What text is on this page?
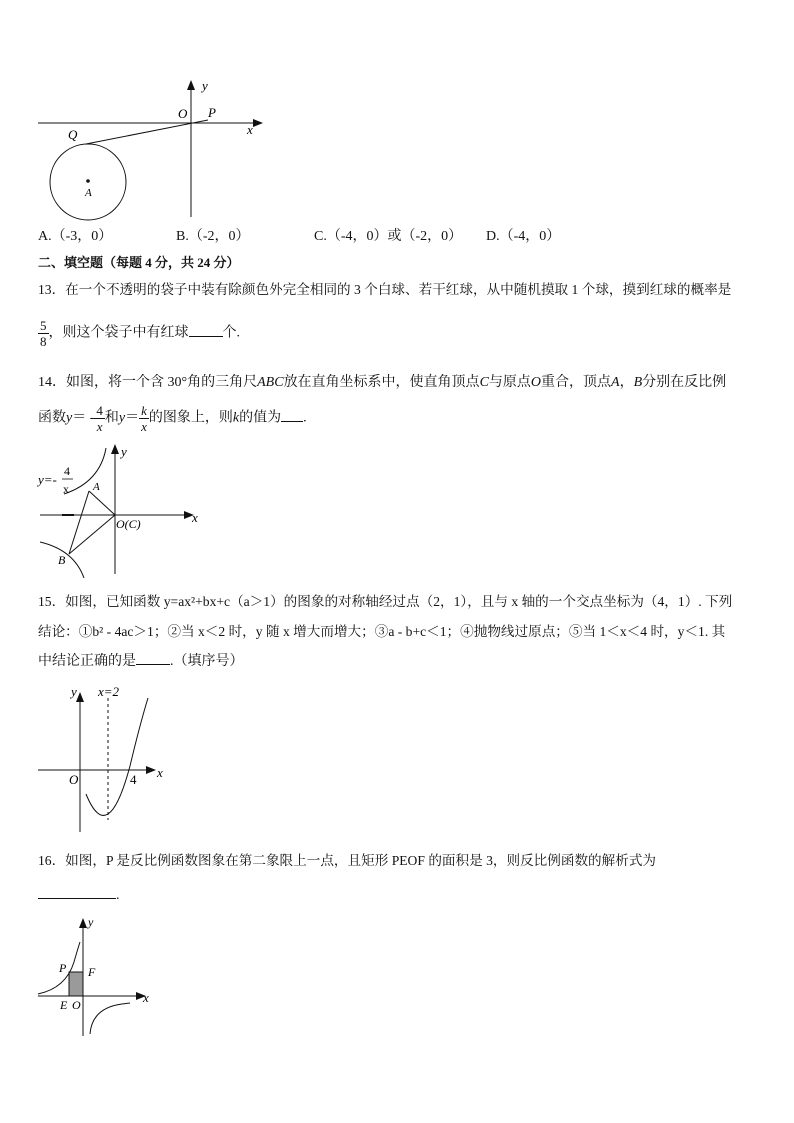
y
x
O P
Q
A
A.（-3，0）	B.（-2，0）	C.（-4，0）或（-2，0） D.（-4，0）
二、填空题（每题 4 分，共 24 分）
13．在一个不透明的袋子中装有除颜色外完全相同的 3 个白球、若干红球，从中随机摸取 1 个球，摸到红球的概率是
$\frac{5}{8}$ ，则这个袋子中有红球 个.
14．如图，将一个含 30°角的三角尺ABC放在直角坐标系中，使直角顶点C与原点O重合，顶点A，B分别在反比例
函数$y= - \frac{4}{x}$ 和$y= \frac{k}{x}$ 的图象上，则k的值为 .
y=-
4
x
y
x
A
B
O(C)
15．如图，已知函数 y=ax²+bx+c（a＞1）的图象的对称轴经过点（2，1），且与 x 轴的一个交点坐标为（4，1）. 下列
结论：①b² - 4ac＞1；②当 x＜2 时，y 随 x 增大而增大；③a - b+c＜1；④抛物线过原点；⑤当 1＜x＜4 时，y＜1. 其
中结论正确的是 .（填序号）
y
x
O	4
x=2
16．如图，P 是反比例函数图象在第二象限上一点，且矩形 PEOF 的面积是 3，则反比例函数的解析式为
.
y
x
P F
E O
